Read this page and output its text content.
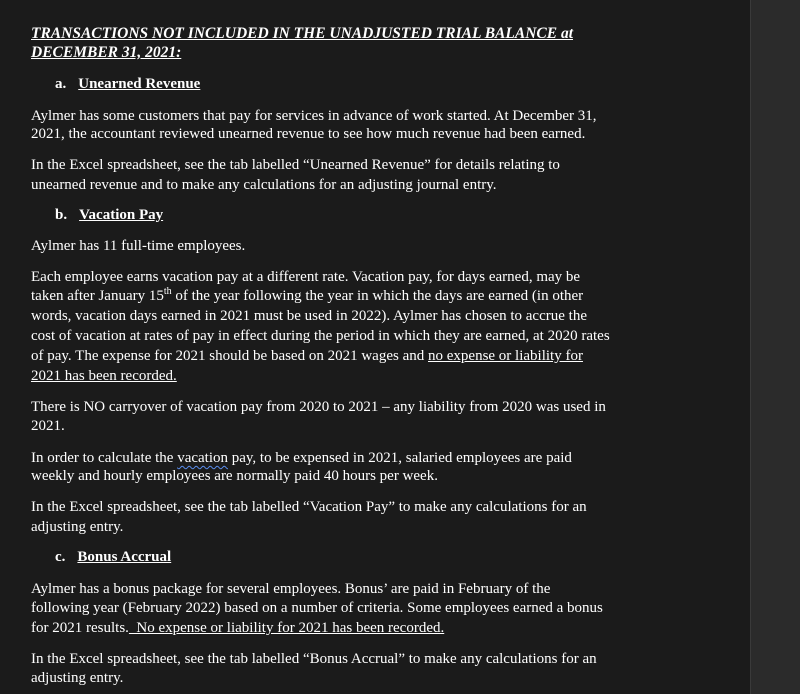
TRANSACTIONS NOT INCLUDED IN THE UNADJUSTED TRIAL BALANCE at
DECEMBER 31, 2021:
a. Unearned Revenue
Aylmer has some customers that pay for services in advance of work started. At December 31,
2021, the accountant reviewed unearned revenue to see how much revenue had been earned.
In the Excel spreadsheet, see the tab labelled “Unearned Revenue” for details relating to
unearned revenue and to make any calculations for an adjusting journal entry.
b. Vacation Pay
Aylmer has 11 full-time employees.
Each employee earns vacation pay at a different rate. Vacation pay, for days earned, may be
taken after January 15th of the year following the year in which the days are earned (in other
words, vacation days earned in 2021 must be used in 2022). Aylmer has chosen to accrue the
cost of vacation at rates of pay in effect during the period in which they are earned, at 2020 rates
of pay. The expense for 2021 should be based on 2021 wages and no expense or liability for
2021 has been recorded.
There is NO carryover of vacation pay from 2020 to 2021 – any liability from 2020 was used in
2021.
In order to calculate the vacation pay, to be expensed in 2021, salaried employees are paid
weekly and hourly employees are normally paid 40 hours per week.
In the Excel spreadsheet, see the tab labelled “Vacation Pay” to make any calculations for an
adjusting entry.
c. Bonus Accrual
Aylmer has a bonus package for several employees. Bonus’ are paid in February of the
following year (February 2022) based on a number of criteria. Some employees earned a bonus
for 2021 results.  No expense or liability for 2021 has been recorded.
In the Excel spreadsheet, see the tab labelled “Bonus Accrual” to make any calculations for an
adjusting entry.
